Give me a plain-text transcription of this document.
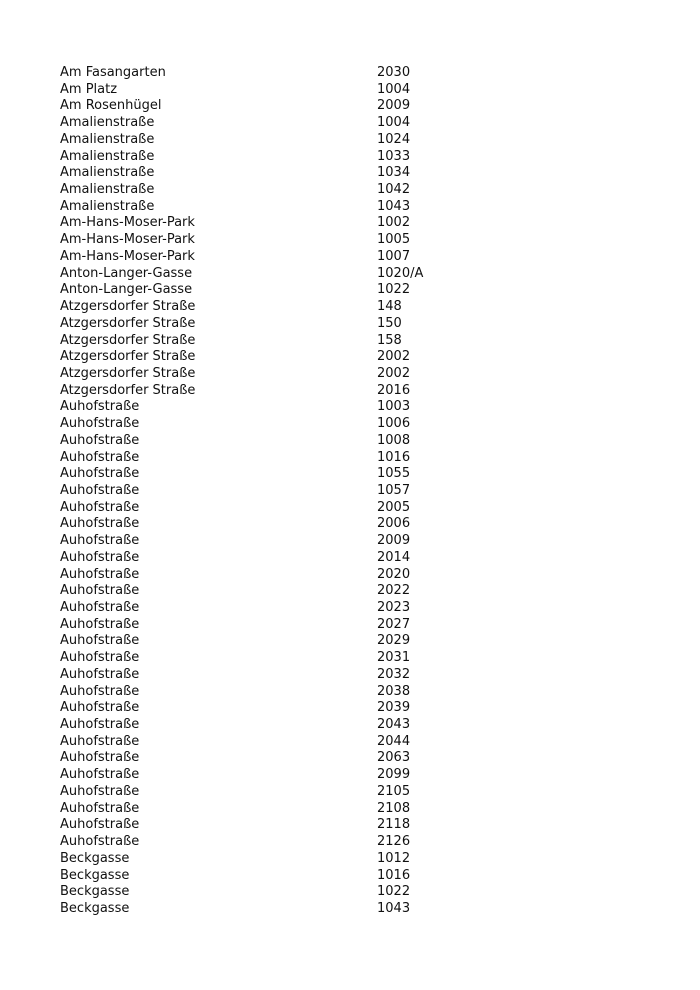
Am Fasangarten	2030
Am Platz	1004
Am Rosenhügel	2009
Amalienstraße	1004
Amalienstraße	1024
Amalienstraße	1033
Amalienstraße	1034
Amalienstraße	1042
Amalienstraße	1043
Am-Hans-Moser-Park	1002
Am-Hans-Moser-Park	1005
Am-Hans-Moser-Park	1007
Anton-Langer-Gasse	1020/A
Anton-Langer-Gasse	1022
Atzgersdorfer Straße	148
Atzgersdorfer Straße	150
Atzgersdorfer Straße	158
Atzgersdorfer Straße	2002
Atzgersdorfer Straße	2002
Atzgersdorfer Straße	2016
Auhofstraße	1003
Auhofstraße	1006
Auhofstraße	1008
Auhofstraße	1016
Auhofstraße	1055
Auhofstraße	1057
Auhofstraße	2005
Auhofstraße	2006
Auhofstraße	2009
Auhofstraße	2014
Auhofstraße	2020
Auhofstraße	2022
Auhofstraße	2023
Auhofstraße	2027
Auhofstraße	2029
Auhofstraße	2031
Auhofstraße	2032
Auhofstraße	2038
Auhofstraße	2039
Auhofstraße	2043
Auhofstraße	2044
Auhofstraße	2063
Auhofstraße	2099
Auhofstraße	2105
Auhofstraße	2108
Auhofstraße	2118
Auhofstraße	2126
Beckgasse	1012
Beckgasse	1016
Beckgasse	1022
Beckgasse	1043
